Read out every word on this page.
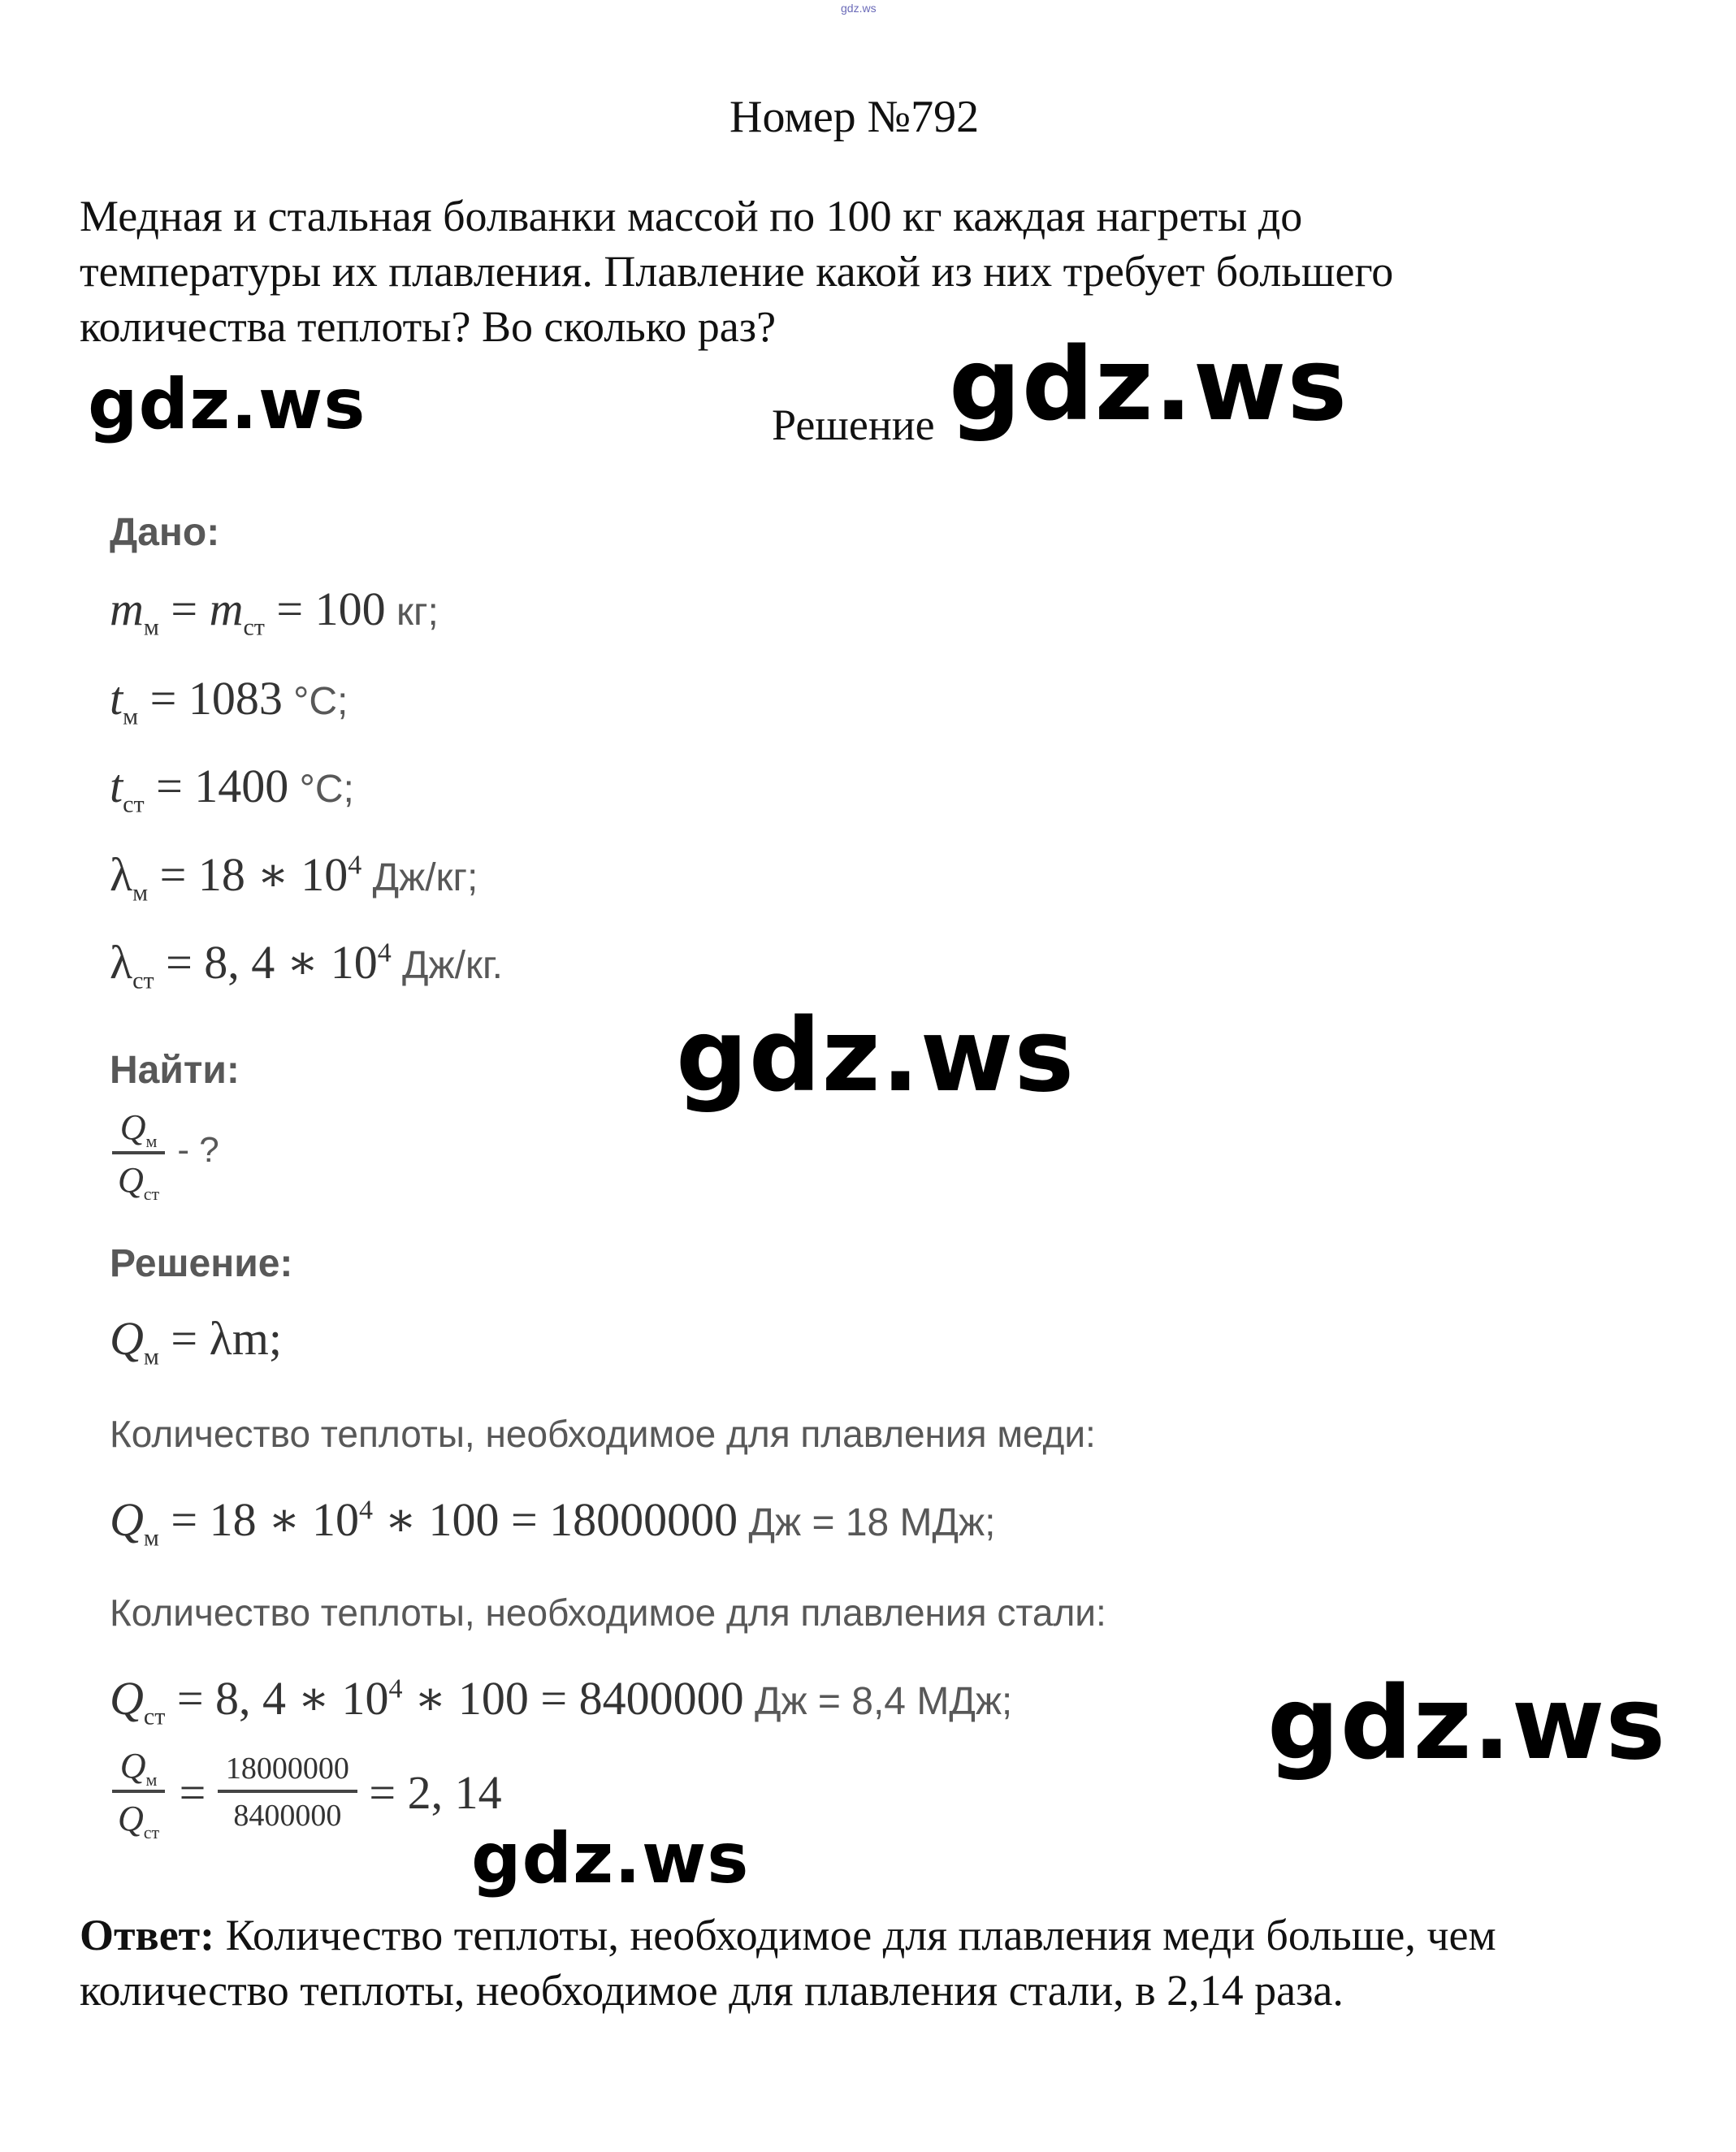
gdz.ws
Номер №792
Медная и стальная болванки массой по 100 кг каждая нагреты до
температуры их плавления. Плавление какой из них требует большего
количества теплоты? Во сколько раз?
Решение
gdz.ws	gdz.ws
gdz.ws
gdz.ws
gdz.ws
Дано:
$m_м = m_{ст} = 100$ кг;
$t_м = 1083$ °C;
$t_{ст} = 1400$ °C;
$\lambda_м = 18$ ∗ $10^4$ Дж/кг;
$\lambda_{ст} = 8$, 4 ∗ $10^4$ Дж/кг.
Найти:
$\frac{Q_м}{Q_{ст}}$ - ?
Решение:
$Q_м = \lambda m$;
Количество теплоты, необходимое для плавления меди:
$Q_м = 18$ ∗ $10^4$ ∗ 100 = 18000000 Дж = 18 МДж;
Количество теплоты, необходимое для плавления стали:
$Q_{ст} = 8$, 4 ∗ $10^4$ ∗ 100 = 8400000 Дж = 8,4 МДж;
$\frac{Q_м}{Q_{ст}} = \frac{18000000}{8400000} = 2$, 14
Ответ: Количество теплоты, необходимое для плавления меди больше, чем
количество теплоты, необходимое для плавления стали, в 2,14 раза.
